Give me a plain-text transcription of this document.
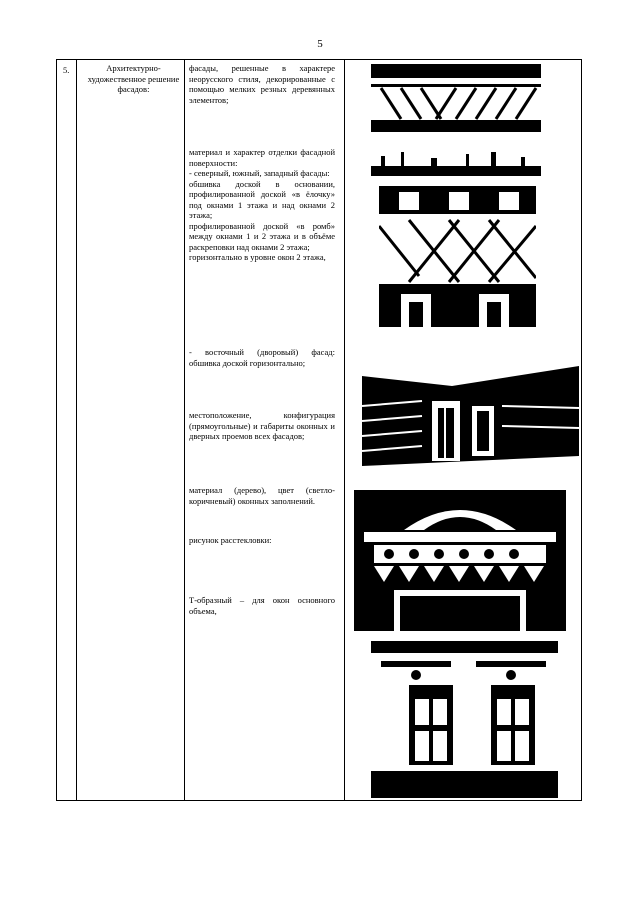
5
5.	Архитектурно-художественное решение фасадов:

фасады, решенные в характере неорусского стиля, декорированные с помощью мелких резных деревянных элементов;

материал и характер отделки фасадной поверхности:

- северный, южный, западный фасады:

обшивка доской в основании, профилированной доской «в ёлочку» под окнами 1 этажа и над окнами 2 этажа;

профилированной доской «в ромб» между окнами 1 и 2 этажа и в объёме раскреповки над окнами 2 этажа;

горизонтально в уровне окон 2 этажа,

- восточный (дворовый) фасад: обшивка доской горизонтально;

местоположение, конфигурация (прямоугольные) и габариты оконных и дверных проемов всех фасадов;

материал (дерево), цвет (светло-коричневый) оконных заполнений.

рисунок расстекловки:

Т-образный – для окон основного объема,
